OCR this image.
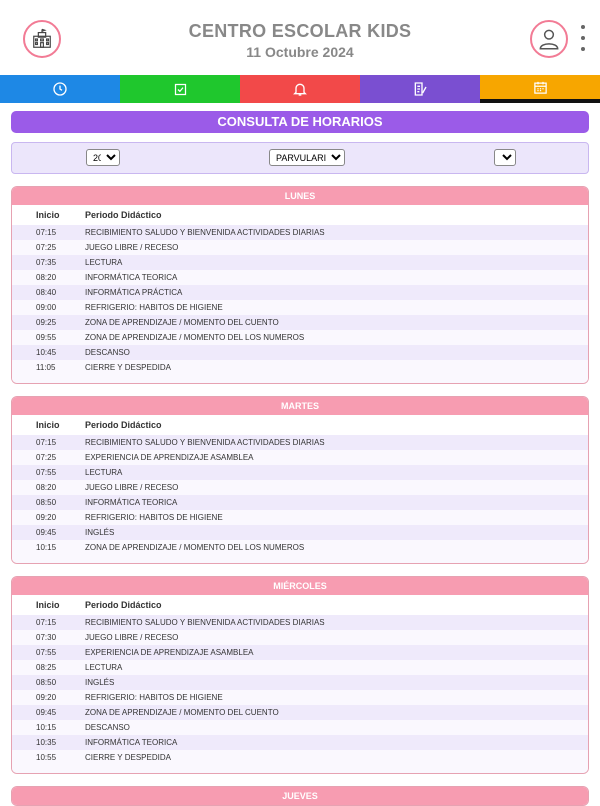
CENTRO ESCOLAR KIDS
11 Octubre 2024
CONSULTA DE HORARIOS
2024
PARVULARIA 4
A
LUNES
Inicio	Periodo Didáctico
07:15	RECIBIMIENTO SALUDO Y BIENVENIDA ACTIVIDADES DIARIAS
07:25	JUEGO LIBRE / RECESO
07:35	LECTURA
08:20	INFORMÁTICA TEORICA
08:40	INFORMÁTICA PRÁCTICA
09:00	REFRIGERIO: HABITOS DE HIGIENE
09:25	ZONA DE APRENDIZAJE / MOMENTO DEL CUENTO
09:55	ZONA DE APRENDIZAJE / MOMENTO DEL LOS NUMEROS
10:45	DESCANSO
11:05	CIERRE Y DESPEDIDA
MARTES
Inicio	Periodo Didáctico
07:15	RECIBIMIENTO SALUDO Y BIENVENIDA ACTIVIDADES DIARIAS
07:25	EXPERIENCIA DE APRENDIZAJE ASAMBLEA
07:55	LECTURA
08:20	JUEGO LIBRE / RECESO
08:50	INFORMÁTICA TEORICA
09:20	REFRIGERIO: HABITOS DE HIGIENE
09:45	INGLÉS
10:15	ZONA DE APRENDIZAJE / MOMENTO DEL LOS NUMEROS
MIÉRCOLES
Inicio	Periodo Didáctico
07:15	RECIBIMIENTO SALUDO Y BIENVENIDA ACTIVIDADES DIARIAS
07:30	JUEGO LIBRE / RECESO
07:55	EXPERIENCIA DE APRENDIZAJE ASAMBLEA
08:25	LECTURA
08:50	INGLÉS
09:20	REFRIGERIO: HABITOS DE HIGIENE
09:45	ZONA DE APRENDIZAJE / MOMENTO DEL CUENTO
10:15	DESCANSO
10:35	INFORMÁTICA TEORICA
10:55	CIERRE Y DESPEDIDA
JUEVES
